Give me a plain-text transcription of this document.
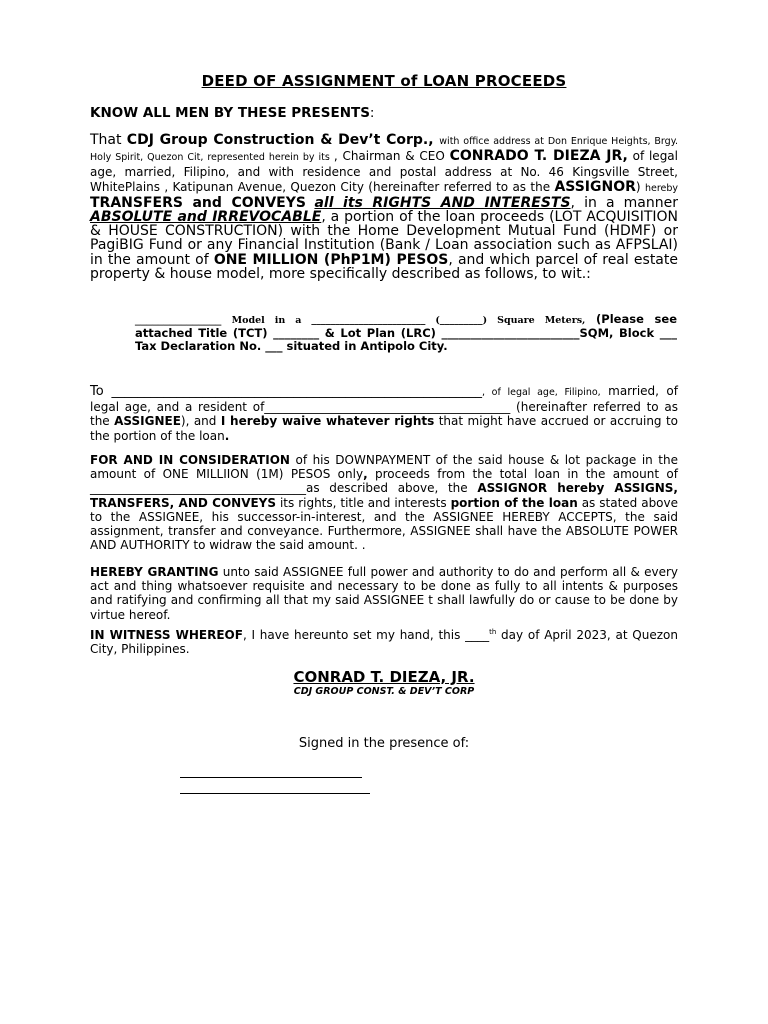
DEED OF ASSIGNMENT of LOAN PROCEEDS
KNOW ALL MEN BY THESE PRESENTS:
That CDJ Group Construction & Dev’t Corp., with office address at Don Enrique Heights, Brgy. Holy Spirit, Quezon Cit, represented herein by its , Chairman & CEO CONRADO T. DIEZA JR, of legal age, married, Filipino, and with residence and postal address at No. 46 Kingsville Street, WhitePlains , Katipunan Avenue, Quezon City (hereinafter referred to as the ASSIGNOR) hereby TRANSFERS and CONVEYS all its RIGHTS AND INTERESTS, in a manner ABSOLUTE and IRREVOCABLE, a portion of the loan proceeds (LOT ACQUISITION & HOUSE CONSTRUCTION) with the Home Development Mutual Fund (HDMF) or PagiBIG Fund or any Financial Institution (Bank / Loan association such as AFPSLAI) in the amount of ONE MILLION (PhP1M) PESOS, and which parcel of real estate property & house model, more specifically described as follows, to wit.:
_______________ Model in a ________________________ (_________) Square Meters, (Please see attached Title (TCT) ________ & Lot Plan (LRC) ________________________SQM, Block ___ Tax Declaration No. ___ situated in Antipolo City.
To _________________________________________________________, of legal age, Filipino, married, of legal age, and a resident of_________________________________________ (hereinafter referred to as the ASSIGNEE), and I hereby waive whatever rights that might have accrued or accruing to the portion of the loan.
FOR AND IN CONSIDERATION of his DOWNPAYMENT of the said house & lot package in the amount of ONE MILLIION (1M) PESOS only, proceeds from the total loan in the amount of ____________________________________as described above, the ASSIGNOR hereby ASSIGNS, TRANSFERS, AND CONVEYS its rights, title and interests portion of the loan as stated above to the ASSIGNEE, his successor-in-interest, and the ASSIGNEE HEREBY ACCEPTS, the said assignment, transfer and conveyance. Furthermore, ASSIGNEE shall have the ABSOLUTE POWER AND AUTHORITY to widraw the said amount. .
HEREBY GRANTING unto said ASSIGNEE full power and authority to do and perform all & every act and thing whatsoever requisite and necessary to be done as fully to all intents & purposes and ratifying and confirming all that my said ASSIGNEE t shall lawfully do or cause to be done by virtue hereof.
IN WITNESS WHEREOF, I have hereunto set my hand, this ____$^{th}$ day of April 2023, at Quezon City, Philippines.
CONRAD T. DIEZA, JR.
CDJ GROUP CONST. & DEV’T CORP
Signed in the presence of:
